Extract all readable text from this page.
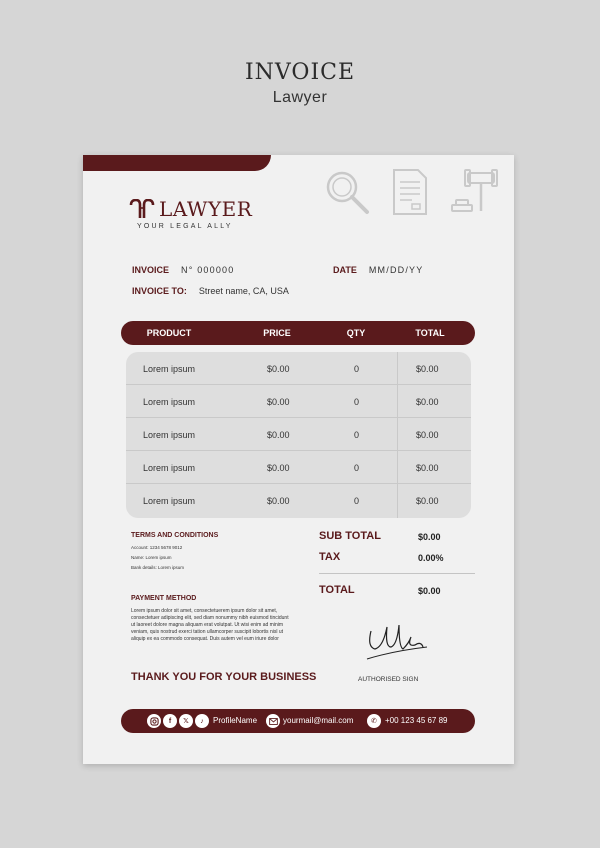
INVOICE
Lawyer
LAWYER
YOUR LEGAL ALLY
INVOICE N° 000000	DATE MM/DD/YY
INVOICE TO: Street name, CA, USA
PRODUCT	PRICE	QTY	TOTAL
Lorem ipsum	$0.00	0	$0.00
Lorem ipsum	$0.00	0	$0.00
Lorem ipsum	$0.00	0	$0.00
Lorem ipsum	$0.00	0	$0.00
Lorem ipsum	$0.00	0	$0.00
TERMS AND CONDITIONS
Account: 1234 5678 9012
Name: Lorem ipsum
Bank details: Lorem ipsum
PAYMENT METHOD
Lorem ipsum dolor sit amet, consectetuerem ipsum dolor sit amet, consectetuer adipiscing elit, sed diam nonummy nibh euismod tincidunt ut laoreet dolore magna aliquam erat volutpat. Ut wisi enim ad minim veniam, quis nostrud exerci tation ullamcorper suscipit lobortis nisl ut aliquip ex ea commodo consequat. Duis autem vel eum iriure dolor
SUB TOTAL	$0.00
TAX	0.00%
TOTAL	$0.00
THANK YOU FOR YOUR BUSINESS	AUTHORISED SIGN
f	𝕏	♪	ProfileName	yourmail@mail.com	✆	+00 123 45 67 89
